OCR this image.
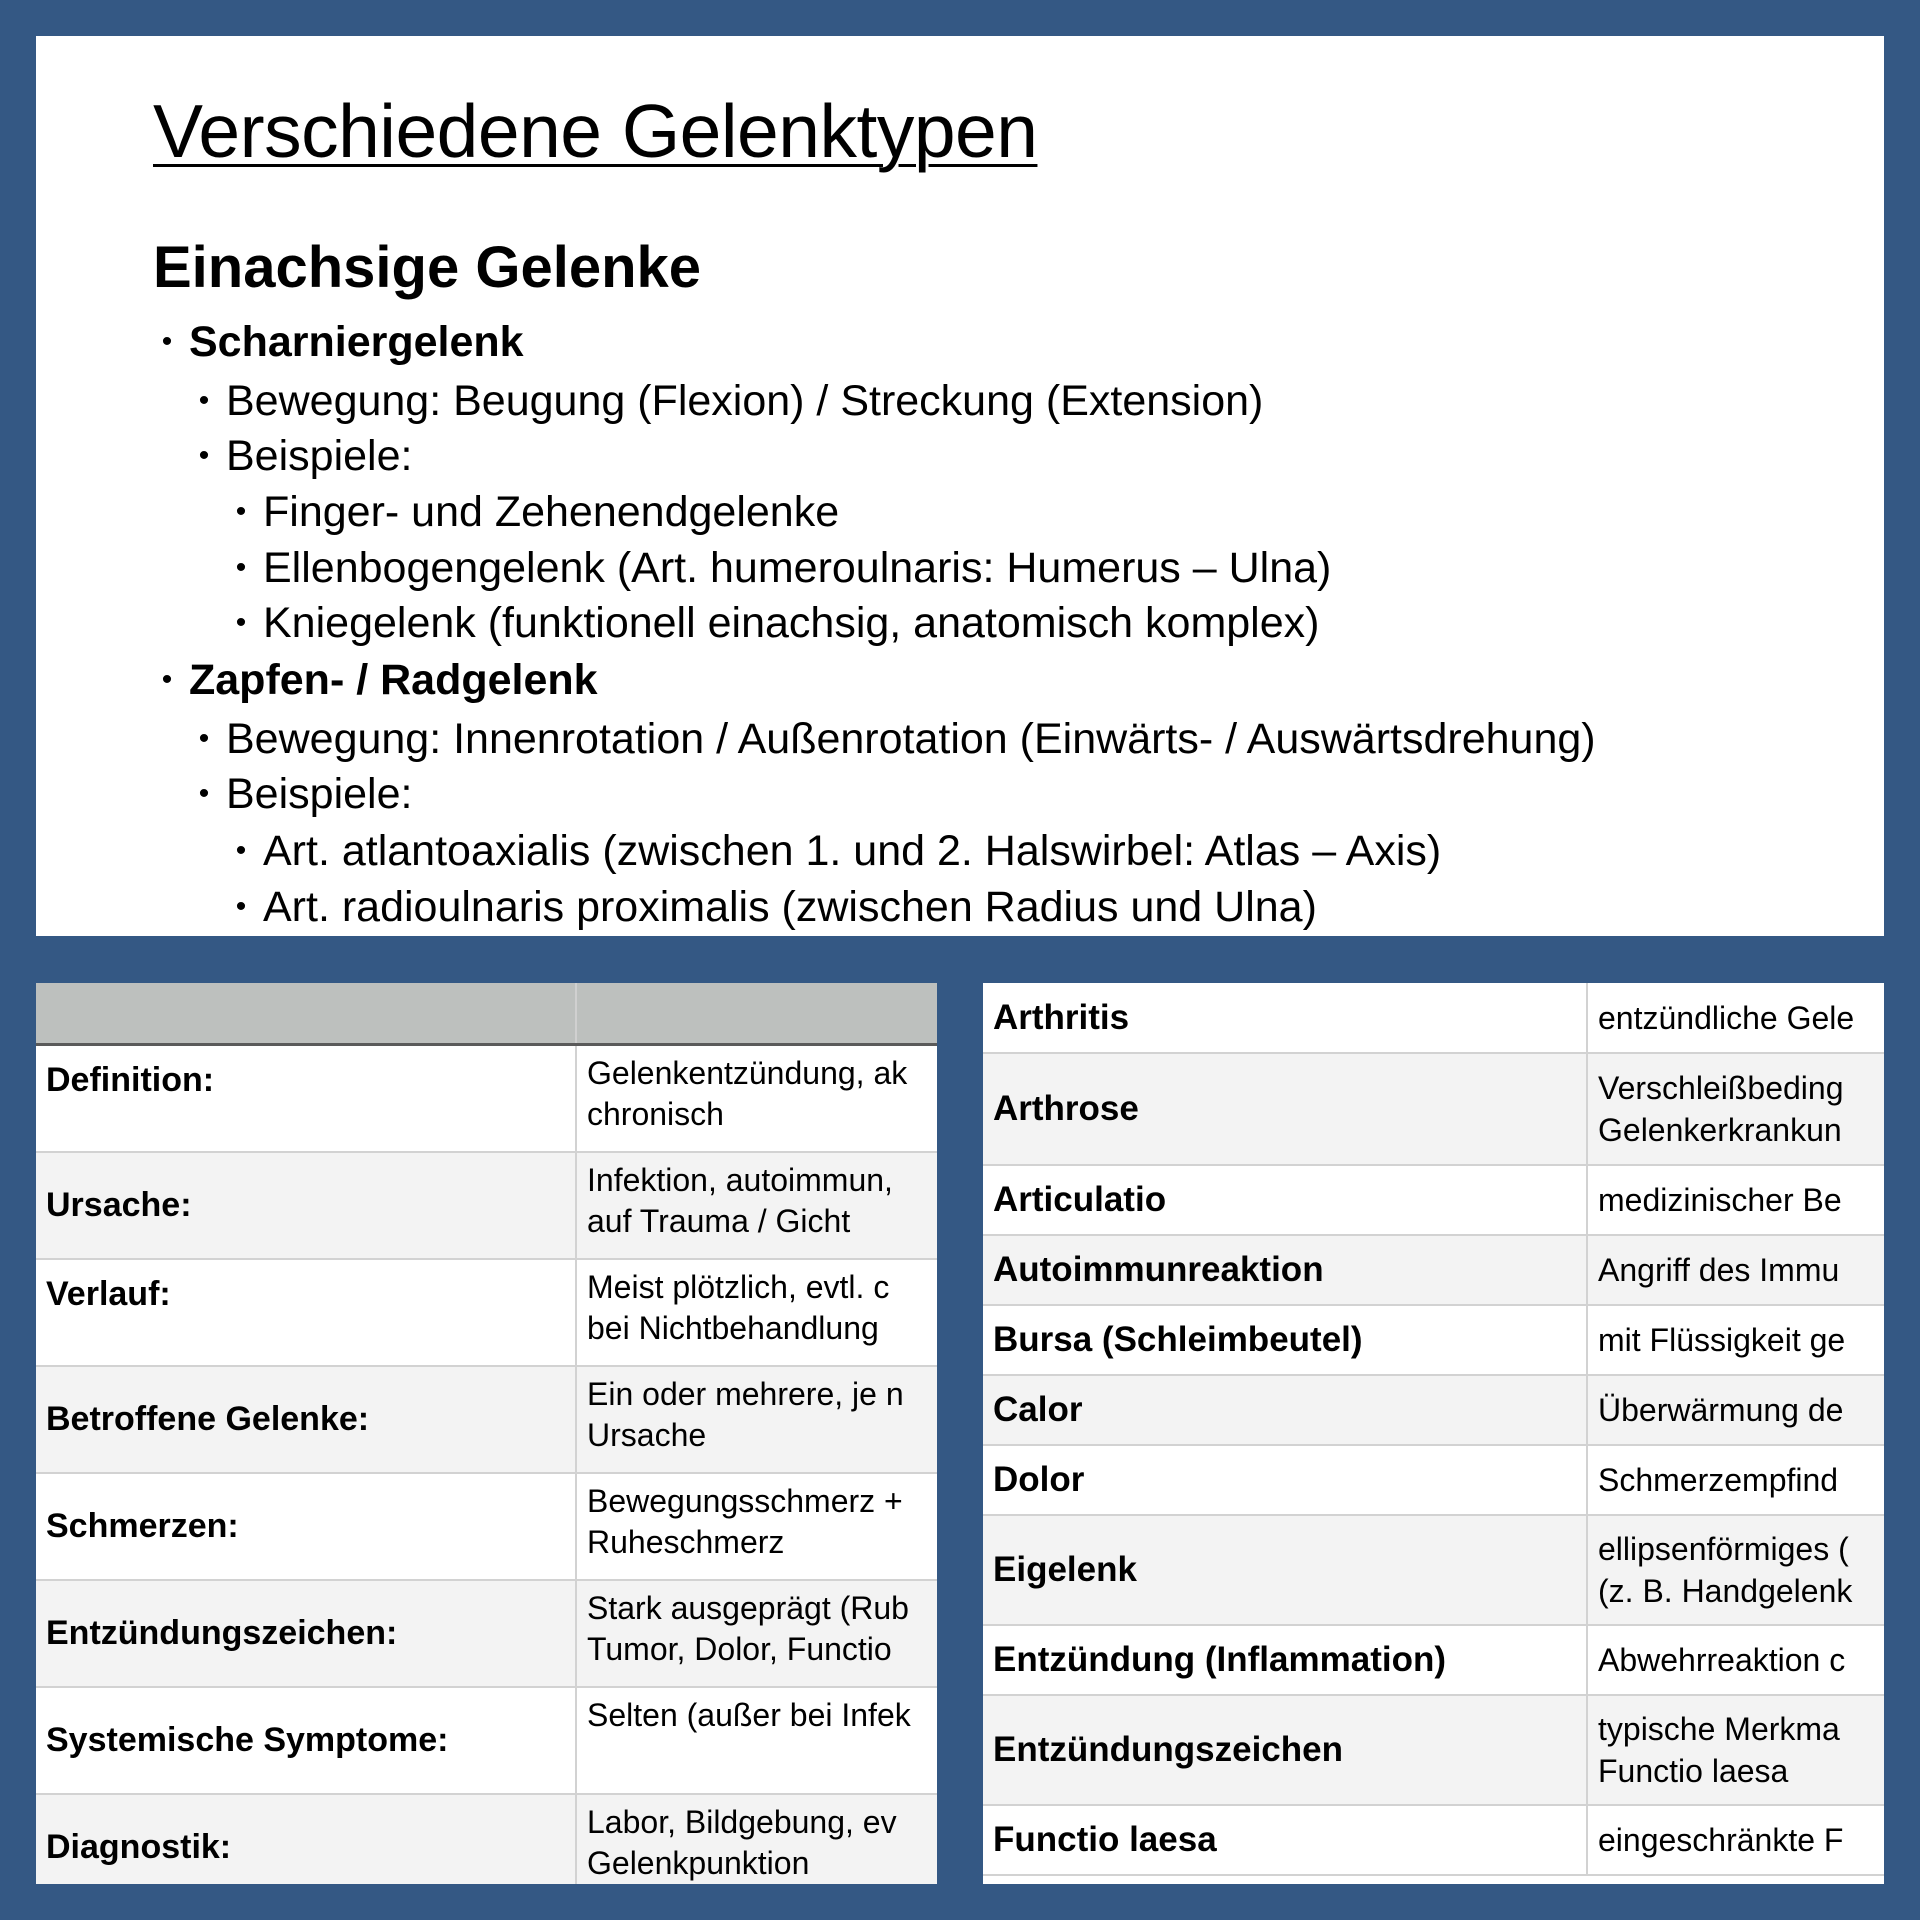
Verschiedene Gelenktypen
Einachsige Gelenke

• Scharniergelenk

• Bewegung: Beugung (Flexion) / Streckung (Extension)

• Beispiele:

• Finger- und Zehenendgelenke

• Ellenbogengelenk (Art. humeroulnaris: Humerus – Ulna)

• Kniegelenk (funktionell einachsig, anatomisch komplex)

• Zapfen- / Radgelenk

• Bewegung: Innenrotation / Außenrotation (Einwärts- / Auswärtsdrehung)

• Beispiele:

• Art. atlantoaxialis (zwischen 1. und 2. Halswirbel: Atlas – Axis)

• Art. radioulnaris proximalis (zwischen Radius und Ulna)

Definition:	Gelenkentzündung, ak
chronisch
Ursache:	Infektion, autoimmun,
auf Trauma / Gicht
Verlauf:	Meist plötzlich, evtl. c
bei Nichtbehandlung
Betroffene Gelenke:	Ein oder mehrere, je n
Ursache
Schmerzen:	Bewegungsschmerz +
Ruheschmerz
Entzündungszeichen:	Stark ausgeprägt (Rub
Tumor, Dolor, Functio
Systemische Symptome:	Selten (außer bei Infek
Diagnostik:	Labor, Bildgebung, ev
Gelenkpunktion
Arthritis	entzündliche Gele
Arthrose	Verschleißbeding
Gelenkerkrankun
Articulatio	medizinischer Be
Autoimmunreaktion	Angriff des Immu
Bursa (Schleimbeutel)	mit Flüssigkeit ge
Calor	Überwärmung de
Dolor	Schmerzempfind
Eigelenk	ellipsenförmiges (
(z. B. Handgelenk
Entzündung (Inflammation)	Abwehrreaktion c
Entzündungszeichen	typische Merkma
Functio laesa
Functio laesa	eingeschränkte F
